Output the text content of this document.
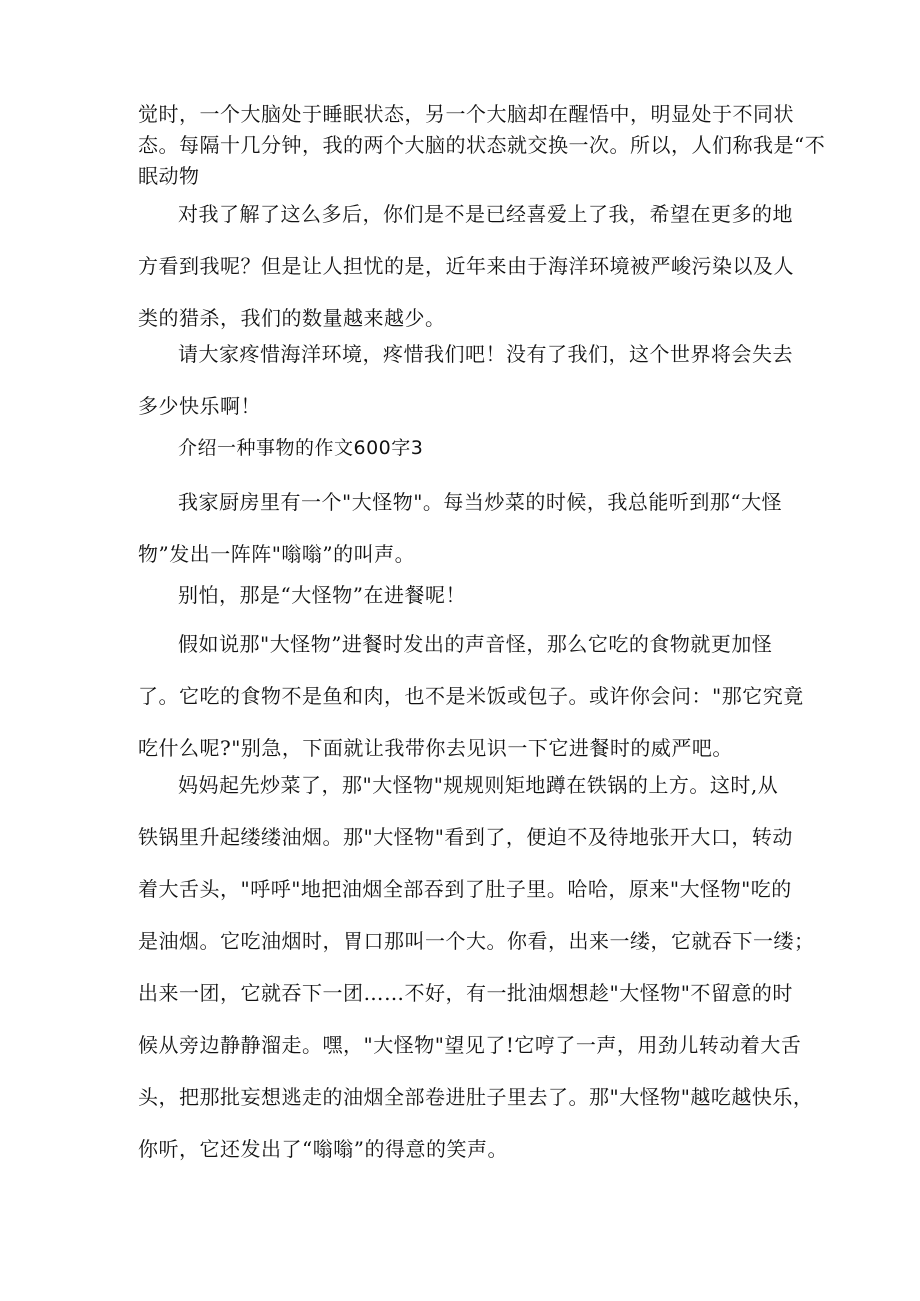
觉时，一个大脑处于睡眠状态，另一个大脑却在醒悟中，明显处于不同状
态。每隔十几分钟，我的两个大脑的状态就交换一次。所以，人们称我是“不
眠动物
对我了解了这么多后，你们是不是已经喜爱上了我，希望在更多的地
方看到我呢？但是让人担忧的是，近年来由于海洋环境被严峻污染以及人
类的猎杀，我们的数量越来越少。
请大家疼惜海洋环境，疼惜我们吧！没有了我们，这个世界将会失去
多少快乐啊！
介绍一种事物的作文600字3
我家厨房里有一个"大怪物"。每当炒菜的时候，我总能听到那“大怪
物”发出一阵阵"嗡嗡”的叫声。
别怕，那是“大怪物”在进餐呢！
假如说那"大怪物”进餐时发出的声音怪，那么它吃的食物就更加怪
了。它吃的食物不是鱼和肉，也不是米饭或包子。或许你会问："那它究竟
吃什么呢?"别急，下面就让我带你去见识一下它进餐时的威严吧。
妈妈起先炒菜了，那"大怪物"规规则矩地蹲在铁锅的上方。这时,从
铁锅里升起缕缕油烟。那"大怪物"看到了，便迫不及待地张开大口，转动
着大舌头，"呼呼"地把油烟全部吞到了肚子里。哈哈，原来"大怪物"吃的
是油烟。它吃油烟时，胃口那叫一个大。你看，出来一缕，它就吞下一缕；
出来一团，它就吞下一团……不好，有一批油烟想趁"大怪物"不留意的时
候从旁边静静溜走。嘿，"大怪物"望见了!它哼了一声，用劲儿转动着大舌
头，把那批妄想逃走的油烟全部卷进肚子里去了。那"大怪物"越吃越快乐，
你听，它还发出了“嗡嗡”的得意的笑声。
